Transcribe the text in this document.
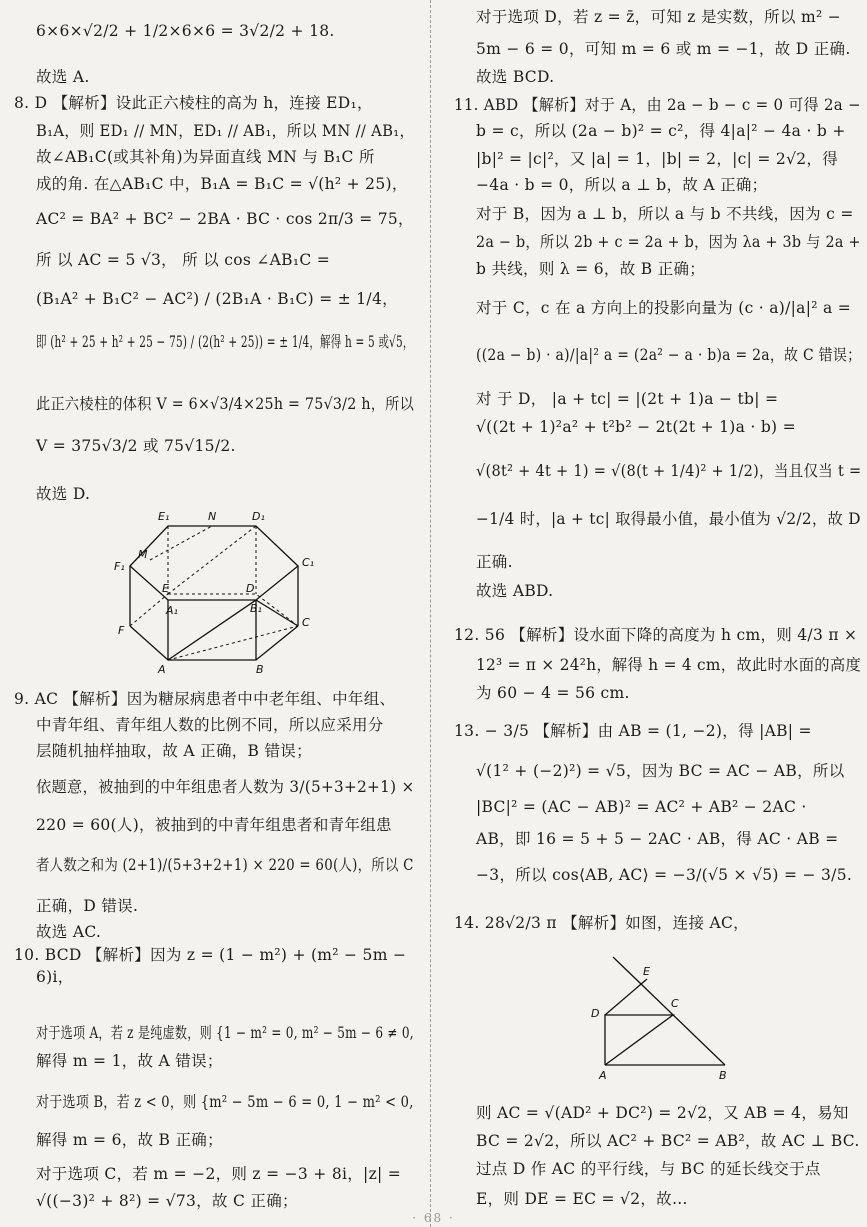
6×6×√2/2 + 1/2×6×6 = 3√2/2 + 18.
故选 A.
8. D 【解析】设此正六棱柱的高为 h，连接 ED₁，
B₁A，则 ED₁ // MN，ED₁ // AB₁，所以 MN // AB₁，
故∠AB₁C(或其补角)为异面直线 MN 与 B₁C 所
成的角. 在△AB₁C 中，B₁A = B₁C = √(h² + 25)，
AC² = BA² + BC² − 2BA · BC · cos 2π/3 = 75，
所 以 AC = 5 √3， 所 以 cos ∠AB₁C =
(B₁A² + B₁C² − AC²) / (2B₁A · B₁C) = ± 1/4，
即 (h² + 25 + h² + 25 − 75) / (2(h² + 25)) = ± 1/4，解得 h = 5 或√5，
此正六棱柱的体积 V = 6×√3/4×25h = 75√3/2 h，所以
V = 375√3/2 或 75√15/2.
故选 D.
9. AC 【解析】因为糖尿病患者中中老年组、中年组、
中青年组、青年组人数的比例不同，所以应采用分
层随机抽样抽取，故 A 正确，B 错误；
依题意，被抽到的中年组患者人数为 3/(5+3+2+1) ×
220 = 60(人)，被抽到的中青年组患者和青年组患
者人数之和为 (2+1)/(5+3+2+1) × 220 = 60(人)，所以 C
正确，D 错误.
故选 AC.
10. BCD 【解析】因为 z = (1 − m²) + (m² − 5m −
6)i，
对于选项 A，若 z 是纯虚数，则 {1 − m² = 0, m² − 5m − 6 ≠ 0,
解得 m = 1，故 A 错误；
对于选项 B，若 z < 0，则 {m² − 5m − 6 = 0, 1 − m² < 0,
解得 m = 6，故 B 正确；
对于选项 C，若 m = −2，则 z = −3 + 8i，|z| =
√((−3)² + 8²) = √73，故 C 正确；
对于选项 D，若 z = z̄，可知 z 是实数，所以 m² −
5m − 6 = 0，可知 m = 6 或 m = −1，故 D 正确.
故选 BCD.
11. ABD 【解析】对于 A，由 2a − b − c = 0 可得 2a −
b = c，所以 (2a − b)² = c²，得 4|a|² − 4a · b +
|b|² = |c|²，又 |a| = 1，|b| = 2，|c| = 2√2，得
−4a · b = 0，所以 a ⊥ b，故 A 正确；
对于 B，因为 a ⊥ b，所以 a 与 b 不共线，因为 c =
2a − b，所以 2b + c = 2a + b，因为 λa + 3b 与 2a +
b 共线，则 λ = 6，故 B 正确；
对于 C，c 在 a 方向上的投影向量为 (c · a)/|a|² a =
((2a − b) · a)/|a|² a = (2a² − a · b)a = 2a，故 C 错误；
对 于 D， |a + tc| = |(2t + 1)a − tb| =
√((2t + 1)²a² + t²b² − 2t(2t + 1)a · b) =
√(8t² + 4t + 1) = √(8(t + 1/4)² + 1/2)，当且仅当 t =
−1/4 时，|a + tc| 取得最小值，最小值为 √2/2，故 D
正确.
故选 ABD.
12. 56 【解析】设水面下降的高度为 h cm，则 4/3 π ×
12³ = π × 24²h，解得 h = 4 cm，故此时水面的高度
为 60 − 4 = 56 cm.
13. − 3/5 【解析】由 AB = (1, −2)，得 |AB| =
√(1² + (−2)²) = √5，因为 BC = AC − AB，所以
|BC|² = (AC − AB)² = AC² + AB² − 2AC ·
AB，即 16 = 5 + 5 − 2AC · AB，得 AC · AB =
−3，所以 cos⟨AB, AC⟩ = −3/(√5 × √5) = − 3/5.
14. 28√2/3 π 【解析】如图，连接 AC，
则 AC = √(AD² + DC²) = 2√2，又 AB = 4，易知
BC = 2√2，所以 AC² + BC² = AB²，故 AC ⊥ BC.
过点 D 作 AC 的平行线，与 BC 的延长线交于点
E，则 DE = EC = √2，故…
E₁	N	D₁
M
F₁	C₁
E	D
A₁	B₁
F
C
A	B
E
C
D
A	B
· 68 ·
